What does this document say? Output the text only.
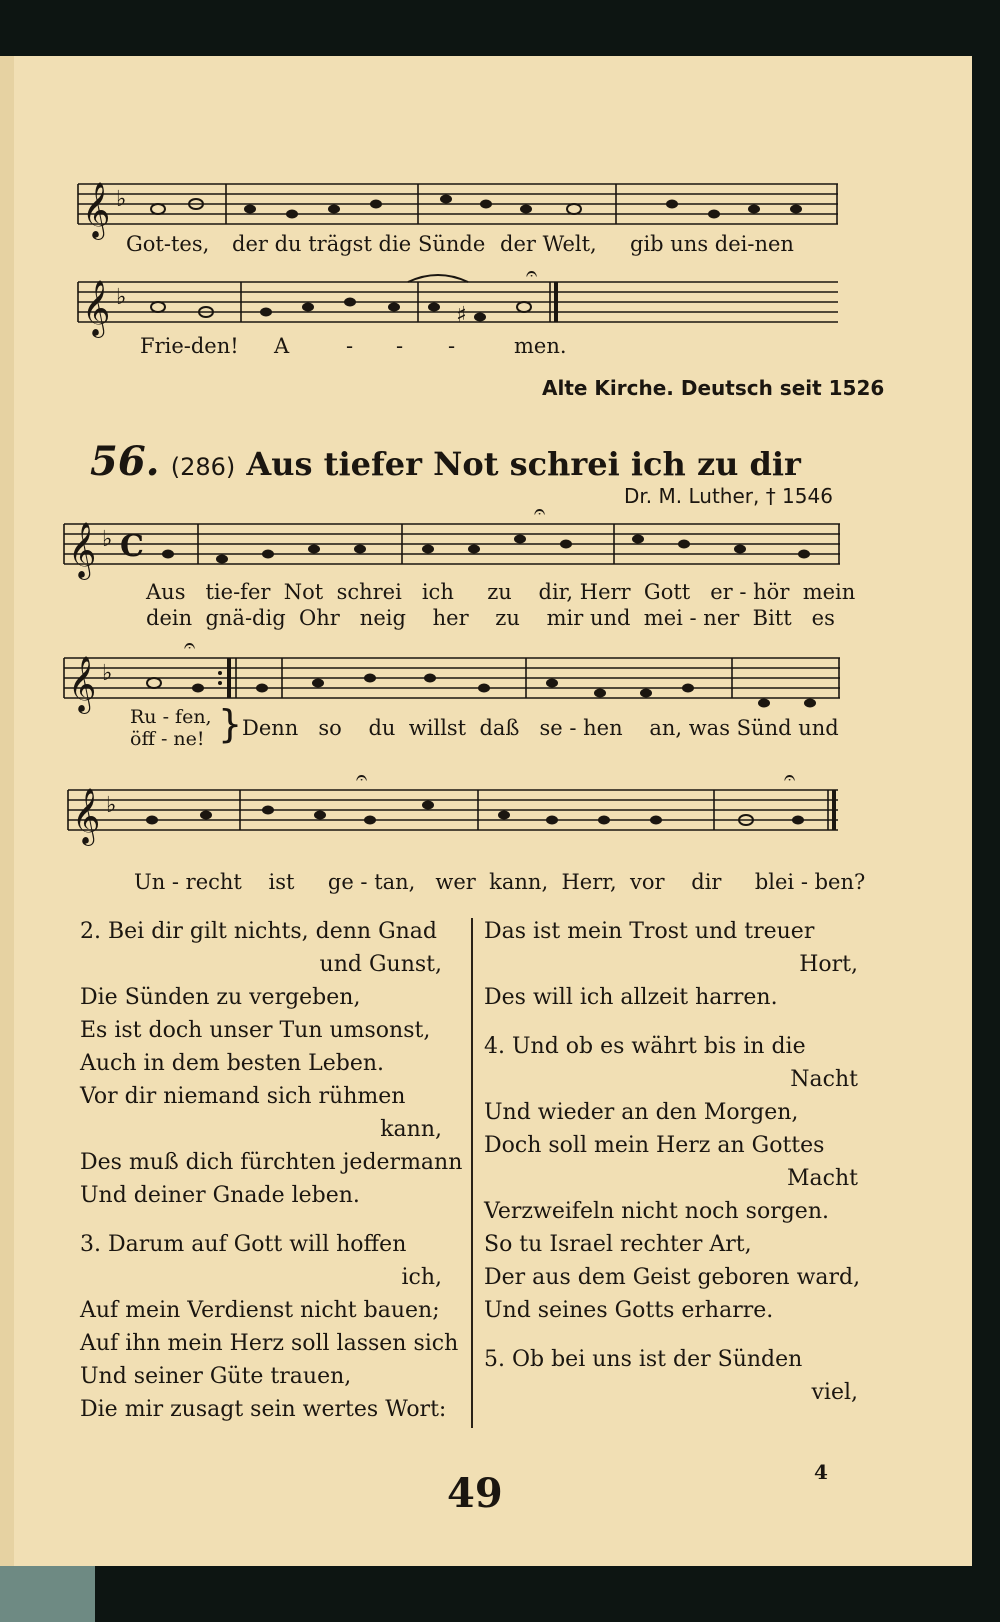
𝄞 ♭
Got-tes, der du trägst die Sünde der Welt, gib uns dei-nen
𝄞 ♭
𝄐
♯
Frie-den! A	- - -	men.
Alte Kirche. Deutsch seit 1526
56. (286) Aus tiefer Not schrei ich zu dir
Dr. M. Luther, † 1546
𝄞 ♭ C
𝄐
Aus   tie-fer  Not  schrei   ich     zu    dir, Herr  Gott   er - hör  mein
dein  gnä-dig  Ohr   neig    her    zu    mir und  mei - ner  Bitt   es
𝄞 ♭
𝄐
Ru - fen,
öff - ne! } Denn   so    du  willst  daß   se - hen    an, was Sünd und
𝄞 ♭
𝄐	𝄐
Un - recht    ist     ge - tan,   wer  kann,  Herr,  vor    dir     blei - ben?
2. Bei dir gilt nichts, denn Gnad
und Gunst,
Die Sünden zu vergeben,
Es ist doch unser Tun umsonst,
Auch in dem besten Leben.
Vor dir niemand sich rühmen
kann,
Des muß dich fürchten jedermann
Und deiner Gnade leben.
3. Darum auf Gott will hoffen
ich,
Auf mein Verdienst nicht bauen;
Auf ihn mein Herz soll lassen sich
Und seiner Güte trauen,
Die mir zusagt sein wertes Wort:
Das ist mein Trost und treuer
Hort,
Des will ich allzeit harren.
4. Und ob es währt bis in die
Nacht
Und wieder an den Morgen,
Doch soll mein Herz an Gottes
Macht
Verzweifeln nicht noch sorgen.
So tu Israel rechter Art,
Der aus dem Geist geboren ward,
Und seines Gotts erharre.
5. Ob bei uns ist der Sünden
viel,
49	4
